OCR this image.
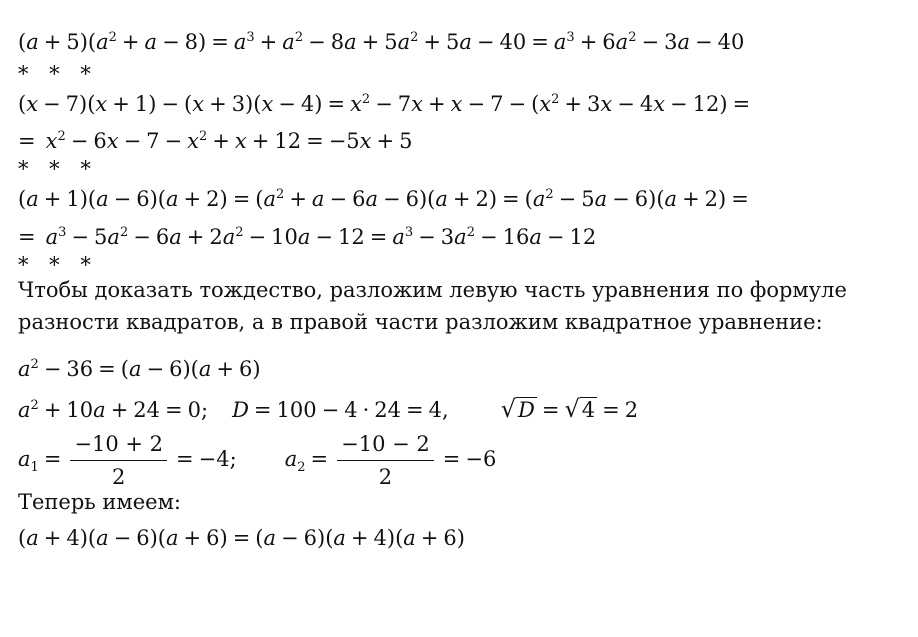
$(a + 5)(a^2 + a - 8) = a^3 + a^2 - 8a + 5a^2 + 5a - 40 = a^3 + 6a^2 - 3a - 40$
* * *
$(x - 7)(x + 1) - (x + 3)(x - 4) = x^2 - 7x + x - 7 - (x^2 + 3x - 4x - 12)$ =
= $x^2 - 6x - 7 - x^2 + x + 12 = -5x + 5$
* * *
$(a + 1)(a - 6)(a + 2) = (a^2 + a - 6a - 6)(a + 2) = (a^2 - 5a - 6)(a + 2)$ =
= $a^3 - 5a^2 - 6a + 2a^2 - 10a - 12 = a^3 - 3a^2 - 16a - 12$
* * *
Чтобы доказать тождество, разложим левую часть уравнения по формуле
разности квадратов, а в правой части разложим квадратное уравнение:
$a^2 - 36 = (a - 6)(a + 6)$
$a^2 + 10a + 24 = 0$; D = 100 − 4 · 24 = 4, √D = √4 = 2
$a_1 = \frac{-10 + 2}{2} = -4$; $a_2 = \frac{-10 - 2}{2} = -6$
Теперь имеем:
(a + 4)(a − 6)(a + 6) = (a − 6)(a + 4)(a + 6)
